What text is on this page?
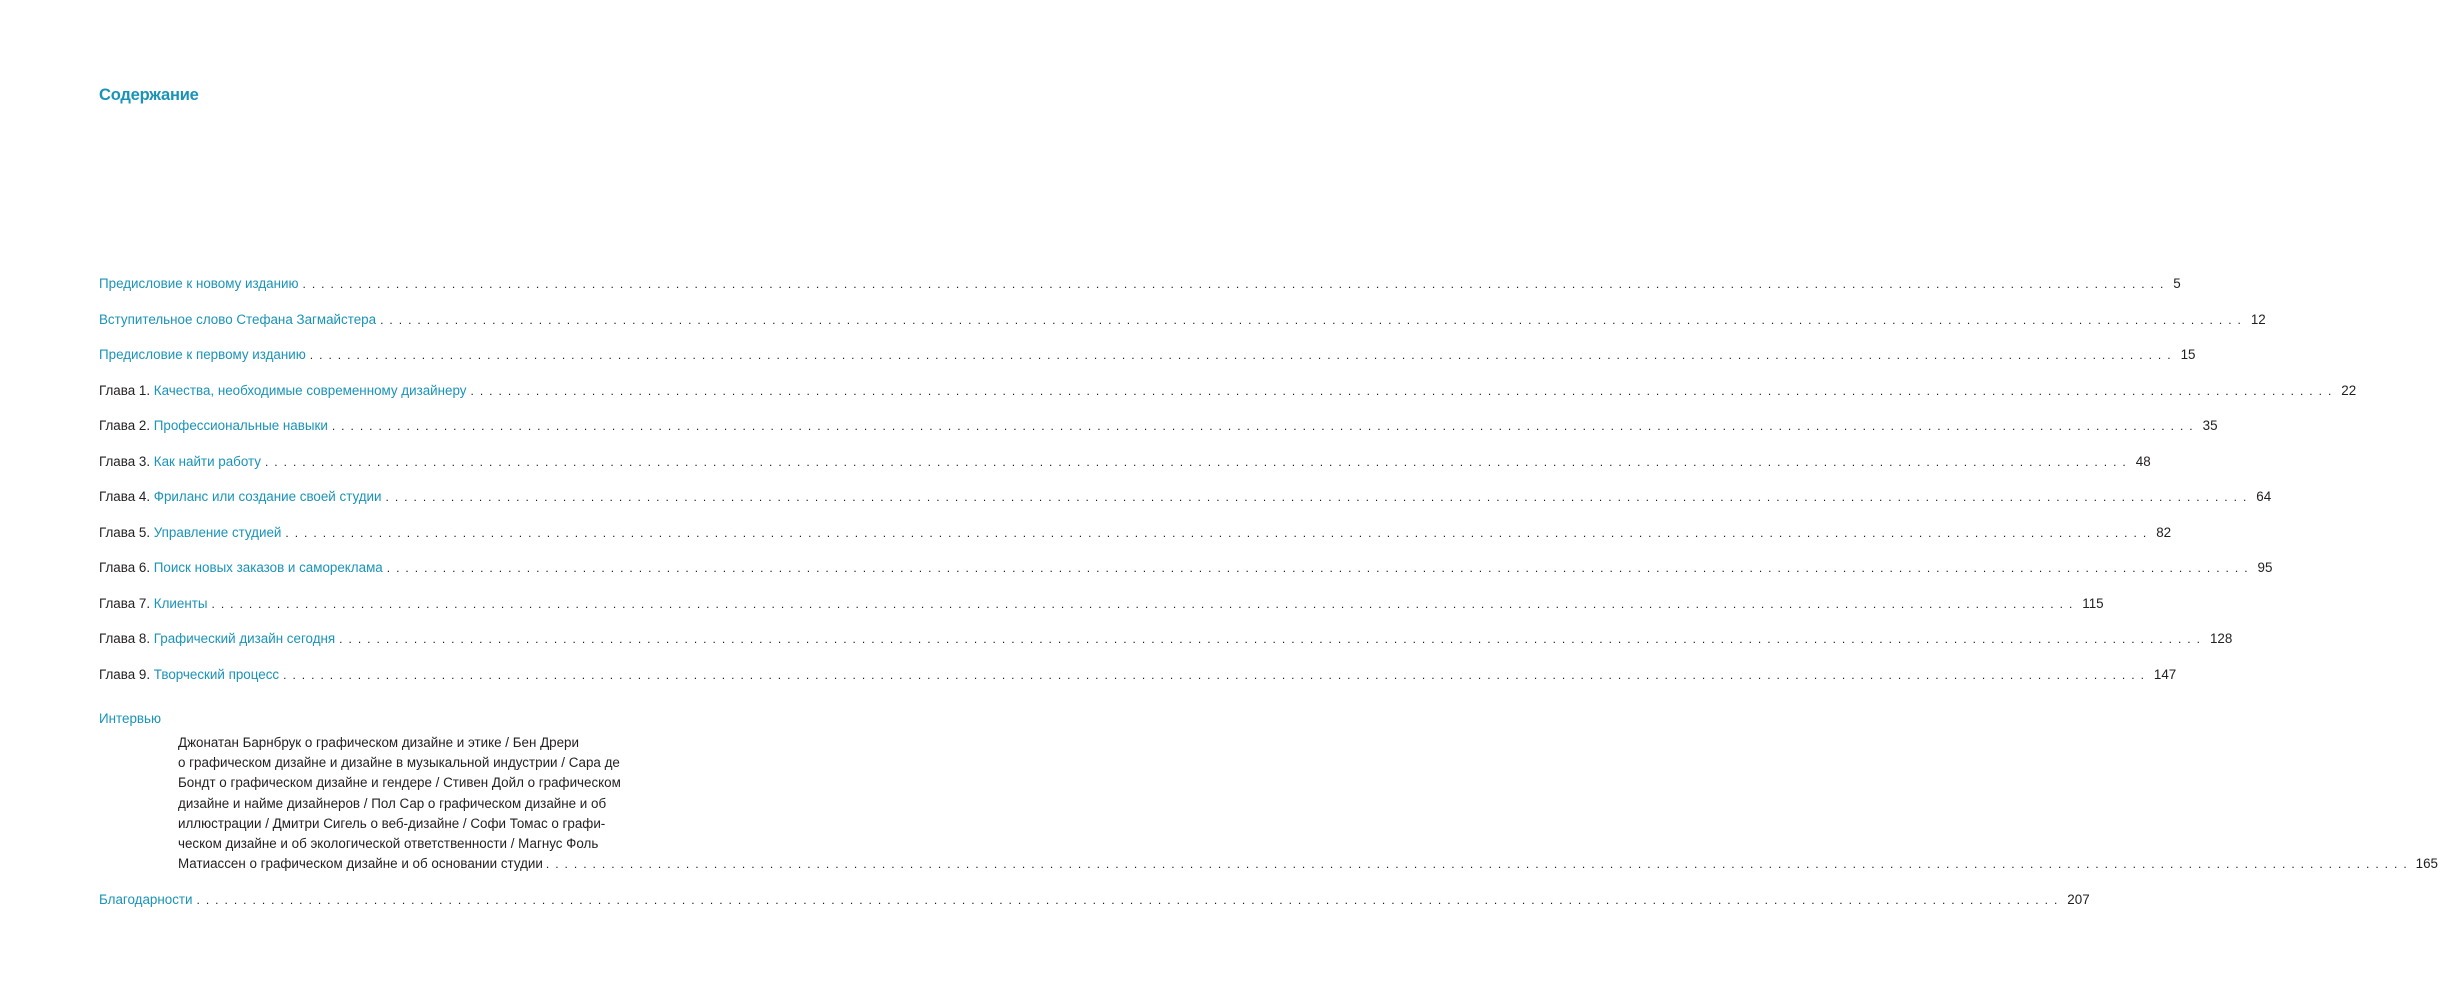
Содержание
Предисловие к новому изданию ........................................................................................................................................................................................................ 5
Вступительное слово Стефана Загмайстера ........................................................................................................................................................................................................ 12
Предисловие к первому изданию ........................................................................................................................................................................................................ 15
Глава 1. Качества, необходимые современному дизайнеру ........................................................................................................................................................................................................ 22
Глава 2. Профессиональные навыки ........................................................................................................................................................................................................ 35
Глава 3. Как найти работу ........................................................................................................................................................................................................ 48
Глава 4. Фриланс или создание своей студии ........................................................................................................................................................................................................ 64
Глава 5. Управление студией ........................................................................................................................................................................................................ 82
Глава 6. Поиск новых заказов и самореклама ........................................................................................................................................................................................................ 95
Глава 7. Клиенты ........................................................................................................................................................................................................ 115
Глава 8. Графический дизайн сегодня ........................................................................................................................................................................................................ 128
Глава 9. Творческий процесс ........................................................................................................................................................................................................ 147
Интервью
Джонатан Барнбрук о графическом дизайне и этике / Бен Дрери
о графическом дизайне и дизайне в музыкальной индустрии / Сара де
Бондт о графическом дизайне и гендере / Стивен Дойл о графическом
дизайне и найме дизайнеров / Пол Сар о графическом дизайне и об
иллюстрации / Дмитри Сигель о веб-дизайне / Софи Томас о графи-
ческом дизайне и об экологической ответственности / Магнус Фоль
Матиассен о графическом дизайне и об основании студии ........................................................................................................................................................................................................ 165
Благодарности ........................................................................................................................................................................................................ 207
